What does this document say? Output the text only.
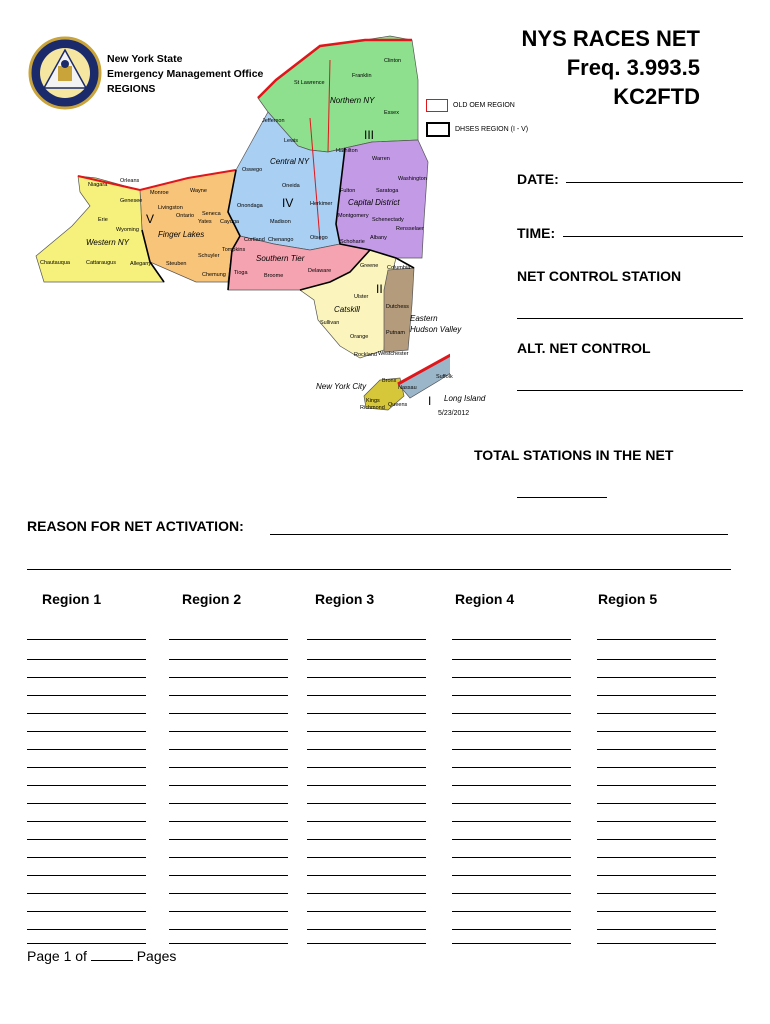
New York State
Emergency Management Office
REGIONS
Clinton
Franklin
St Lawrence
Essex
Jefferson
Lewis
Hamilton
Warren
Washington
Oswego
Oneida
Herkimer
Fulton	Saratoga
Montgomery
Schenectady
Rensselaer
Albany
Schoharie
Otsego
Madison
Onondaga
Cortland Chenango
Broome
Tioga
Tompkins
Chemung
Schuyler
Steuben
Yates
Seneca
Cayuga
Ontario
Wayne
Monroe
Livingston
Genesee
Orleans
Niagara
Erie
Wyoming
Chautauqua	Cattaraugus	Allegany
Delaware
Greene Columbia
Ulster
Sullivan
Dutchess
Putnam
Orange
Rockland Westchester
Bronx
Nassau
Suffolk
Kings
Queens
Richmond
Northern NY
Central NY
Capital District
Western NY
Finger Lakes
Southern Tier
Catskill
Eastern
Hudson Valley
New York City
Long Island
III
IV
V
II
I
5/23/2012
OLD OEM REGION
DHSES REGION (I - V)
NYS RACES NET
Freq. 3.993.5
KC2FTD
DATE:
TIME:
NET CONTROL STATION
ALT. NET CONTROL
TOTAL STATIONS IN THE NET
REASON FOR NET ACTIVATION:
Region 1	Region 2	Region 3	Region 4	Region 5
Page 1 of	Pages
